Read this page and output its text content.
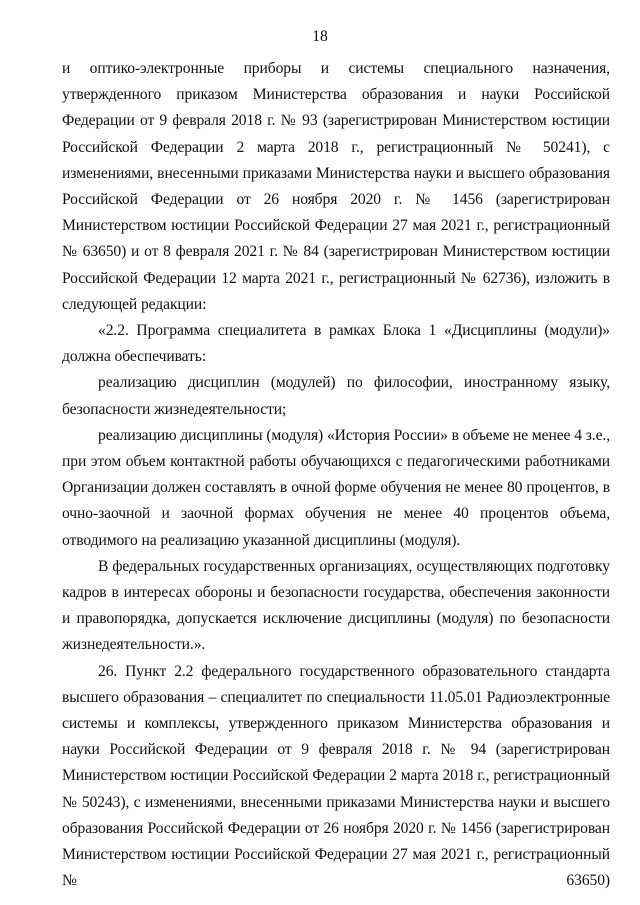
18

и оптико-электронные приборы и системы специального назначения, утвержденного приказом Министерства образования и науки Российской Федерации от 9 февраля 2018 г. № 93 (зарегистрирован Министерством юстиции Российской Федерации 2 марта 2018 г., регистрационный № 50241), с изменениями, внесенными приказами Министерства науки и высшего образования Российской Федерации от 26 ноября 2020 г. № 1456 (зарегистрирован Министерством юстиции Российской Федерации 27 мая 2021 г., регистрационный № 63650) и от 8 февраля 2021 г. № 84 (зарегистрирован Министерством юстиции Российской Федерации 12 марта 2021 г., регистрационный № 62736), изложить в следующей редакции:

«2.2. Программа специалитета в рамках Блока 1 «Дисциплины (модули)» должна обеспечивать:

реализацию дисциплин (модулей) по философии, иностранному языку, безопасности жизнедеятельности;

реализацию дисциплины (модуля) «История России» в объеме не менее 4 з.е., при этом объем контактной работы обучающихся с педагогическими работниками Организации должен составлять в очной форме обучения не менее 80 процентов, в очно-заочной и заочной формах обучения не менее 40 процентов объема, отводимого на реализацию указанной дисциплины (модуля).

В федеральных государственных организациях, осуществляющих подготовку кадров в интересах обороны и безопасности государства, обеспечения законности и правопорядка, допускается исключение дисциплины (модуля) по безопасности жизнедеятельности.».

26. Пункт 2.2 федерального государственного образовательного стандарта высшего образования – специалитет по специальности 11.05.01 Радиоэлектронные системы и комплексы, утвержденного приказом Министерства образования и науки Российской Федерации от 9 февраля 2018 г. № 94 (зарегистрирован Министерством юстиции Российской Федерации 2 марта 2018 г., регистрационный № 50243), с изменениями, внесенными приказами Министерства науки и высшего образования Российской Федерации от 26 ноября 2020 г. № 1456 (зарегистрирован Министерством юстиции Российской Федерации 27 мая 2021 г., регистрационный № 63650)
